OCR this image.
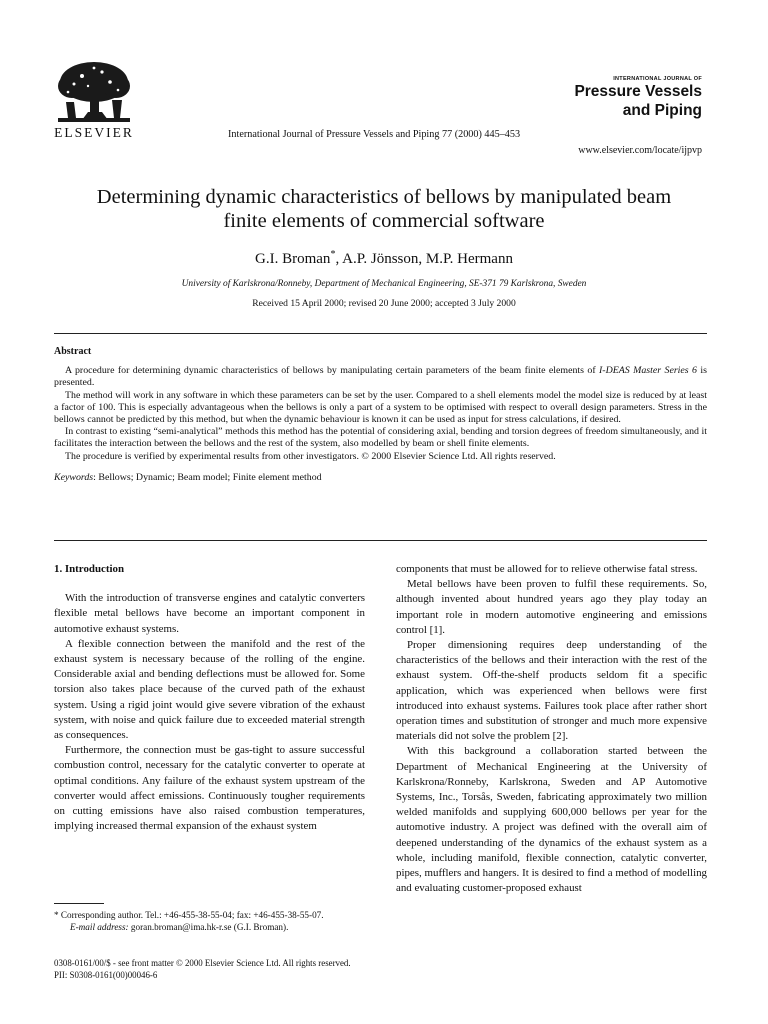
ELSEVIER	International Journal of Pressure Vessels and Piping 77 (2000) 445–453
INTERNATIONAL JOURNAL OF
Pressure Vessels
and Piping
www.elsevier.com/locate/ijpvp
Determining dynamic characteristics of bellows by manipulated beam
finite elements of commercial software
G.I. Broman*, A.P. Jönsson, M.P. Hermann
University of Karlskrona/Ronneby, Department of Mechanical Engineering, SE-371 79 Karlskrona, Sweden
Received 15 April 2000; revised 20 June 2000; accepted 3 July 2000
Abstract

A procedure for determining dynamic characteristics of bellows by manipulating certain parameters of the beam finite elements of I-DEAS Master Series 6 is presented.

The method will work in any software in which these parameters can be set by the user. Compared to a shell elements model the model size is reduced by at least a factor of 100. This is especially advantageous when the bellows is only a part of a system to be optimised with respect to overall design parameters. Stress in the bellows cannot be predicted by this method, but when the dynamic behaviour is known it can be used as input for stress calculations, if desired.

In contrast to existing “semi-analytical” methods this method has the potential of considering axial, bending and torsion degrees of freedom simultaneously, and it facilitates the interaction between the bellows and the rest of the system, also modelled by beam or shell finite elements.

The procedure is verified by experimental results from other investigators. © 2000 Elsevier Science Ltd. All rights reserved.

Keywords: Bellows; Dynamic; Beam model; Finite element method
1. Introduction

With the introduction of transverse engines and catalytic converters flexible metal bellows have become an important component in automotive exhaust systems.

A flexible connection between the manifold and the rest of the exhaust system is necessary because of the rolling of the engine. Considerable axial and bending deflections must be allowed for. Some torsion also takes place because of the curved path of the exhaust system. Using a rigid joint would give severe vibration of the exhaust system, with noise and quick failure due to exceeded material strength as consequences.

Furthermore, the connection must be gas-tight to assure successful combustion control, necessary for the catalytic converter to operate at optimal conditions. Any failure of the exhaust system upstream of the converter would affect emissions. Continuously tougher requirements on cutting emissions have also raised combustion temperatures, implying increased thermal expansion of the exhaust system

components that must be allowed for to relieve otherwise fatal stress.

Metal bellows have been proven to fulfil these requirements. So, although invented about hundred years ago they play today an important role in modern automotive engineering and emissions control [1].

Proper dimensioning requires deep understanding of the characteristics of the bellows and their interaction with the rest of the exhaust system. Off-the-shelf products seldom fit a specific application, which was experienced when bellows were first introduced into exhaust systems. Failures took place after rather short operation times and substitution of stronger and much more expensive materials did not solve the problem [2].

With this background a collaboration started between the Department of Mechanical Engineering at the University of Karlskrona/Ronneby, Karlskrona, Sweden and AP Automotive Systems, Inc., Torsås, Sweden, fabricating approximately two million welded manifolds and supplying 600,000 bellows per year for the automotive industry. A project was defined with the overall aim of deepened understanding of the dynamics of the exhaust system as a whole, including manifold, flexible connection, catalytic converter, pipes, mufflers and hangers. It is desired to find a method of modelling and evaluating customer-proposed exhaust

* Corresponding author. Tel.: +46-455-38-55-04; fax: +46-455-38-55-07.

E-mail address: goran.broman@ima.hk-r.se (G.I. Broman).

0308-0161/00/$ - see front matter © 2000 Elsevier Science Ltd. All rights reserved.
PII: S0308-0161(00)00046-6
